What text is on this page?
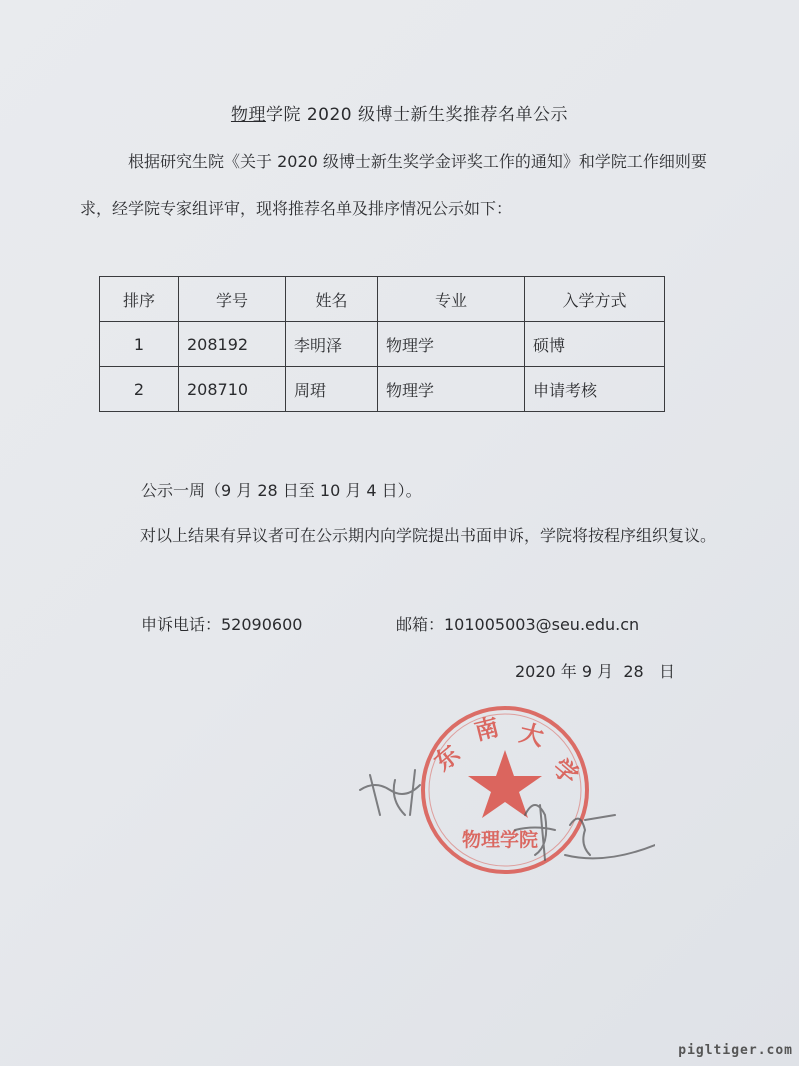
物理学院 2020 级博士新生奖推荐名单公示

根据研究生院《关于 2020 级博士新生奖学金评奖工作的通知》和学院工作细则要求，经学院专家组评审，现将推荐名单及排序情况公示如下：

排序	学号	姓名	专业	入学方式
1	208192	李明泽	物理学	硕博
2	208710	周珺	物理学	申请考核
公示一周（9 月 28 日至 10 月 4 日）。

对以上结果有异议者可在公示期内向学院提出书面申诉，学院将按程序组织复议。

申诉电话：52090600	邮箱：101005003@seu.edu.cn
2020 年 9 月  28   日
东
南 大
学
物理学院
pigltiger.com
